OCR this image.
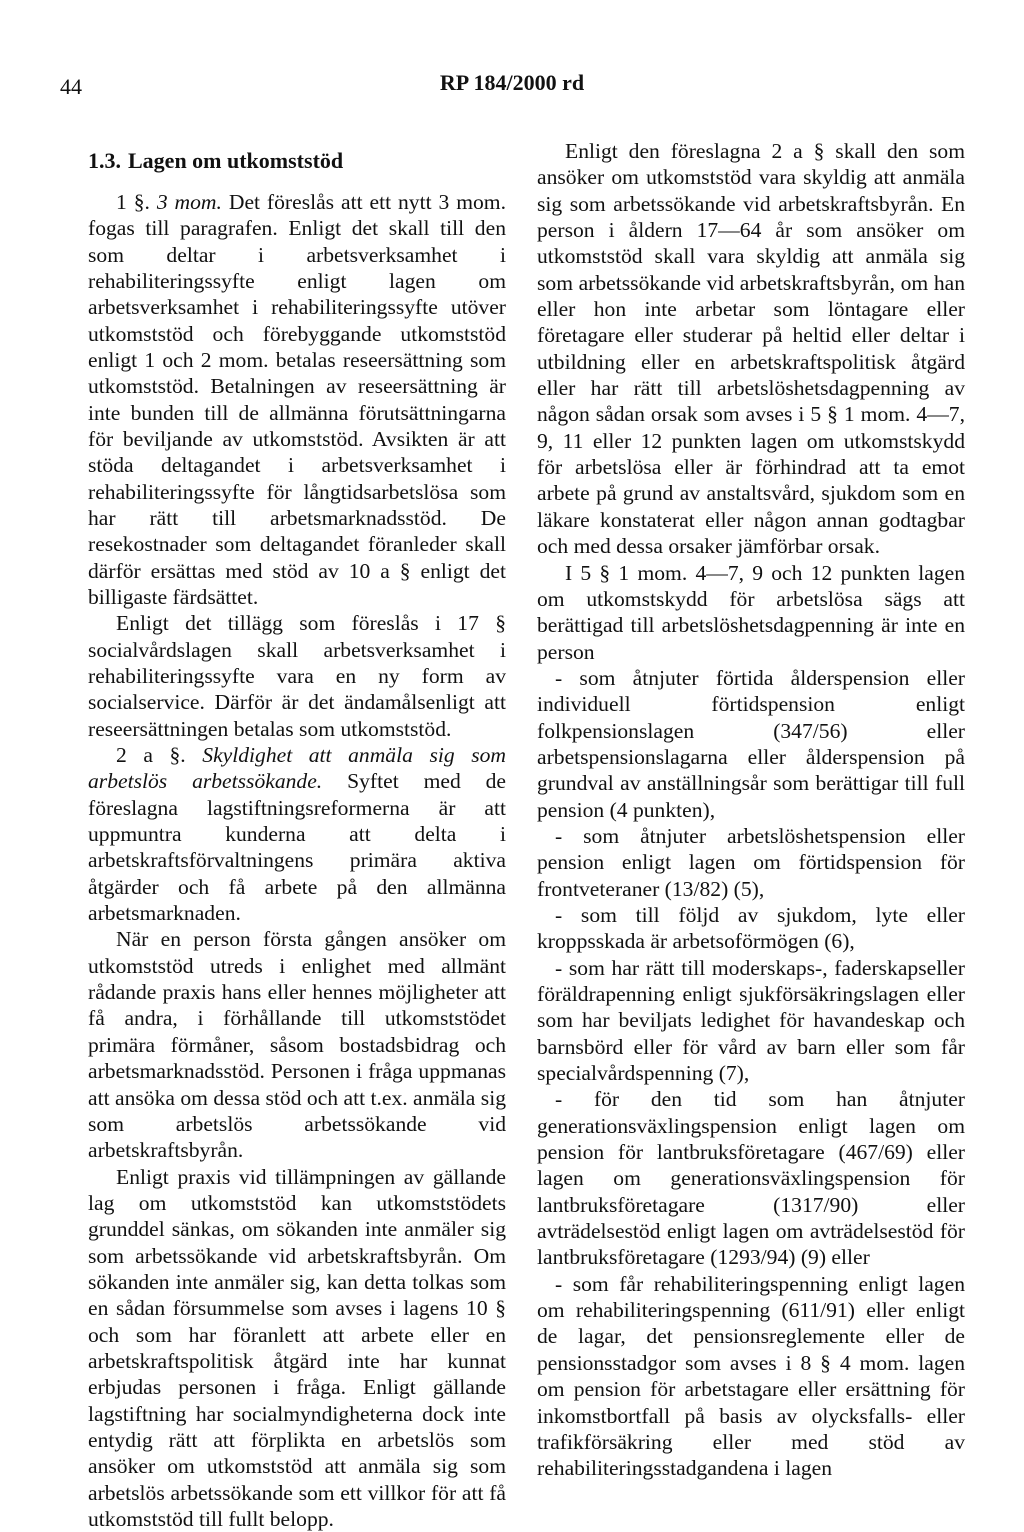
44	RP 184/2000 rd

1.3. Lagen om utkomststöd

1 §. 3 mom. Det föreslås att ett nytt 3 mom. fogas till paragrafen. Enligt det skall till den som deltar i arbetsverksamhet i rehabiliteringssyfte enligt lagen om arbetsverksamhet i rehabiliteringssyfte utöver utkomststöd och förebyggande utkomststöd enligt 1 och 2 mom. betalas reseersättning som utkomststöd. Betalningen av reseersättning är inte bunden till de allmänna förutsättningarna för beviljande av utkomststöd. Avsikten är att stöda deltagandet i arbetsverksamhet i rehabiliteringssyfte för långtidsarbetslösa som har rätt till arbetsmarknadsstöd. De resekostnader som deltagandet föranleder skall därför ersättas med stöd av 10 a § enligt det billigaste färdsättet.

Enligt det tillägg som föreslås i 17 § socialvårdslagen skall arbetsverksamhet i rehabiliteringssyfte vara en ny form av socialservice. Därför är det ändamålsenligt att reseersättningen betalas som utkomststöd.

2 a §. Skyldighet att anmäla sig som arbetslös arbetssökande. Syftet med de föreslagna lagstiftningsreformerna är att uppmuntra kunderna att delta i arbetskraftsförvaltningens primära aktiva åtgärder och få arbete på den allmänna arbetsmarknaden.

När en person första gången ansöker om utkomststöd utreds i enlighet med allmänt rådande praxis hans eller hennes möjligheter att få andra, i förhållande till utkomststödet primära förmåner, såsom bostadsbidrag och arbetsmarknadsstöd. Personen i fråga uppmanas att ansöka om dessa stöd och att t.ex. anmäla sig som arbetslös arbetssökande vid arbetskraftsbyrån.

Enligt praxis vid tillämpningen av gällande lag om utkomststöd kan utkomststödets grunddel sänkas, om sökanden inte anmäler sig som arbetssökande vid arbetskraftsbyrån. Om sökanden inte anmäler sig, kan detta tolkas som en sådan försummelse som avses i lagens 10 § och som har föranlett att arbete eller en arbetskraftspolitisk åtgärd inte har kunnat erbjudas personen i fråga. Enligt gällande lagstiftning har socialmyndigheterna dock inte entydig rätt att förplikta en arbetslös som ansöker om utkomststöd att anmäla sig som arbetslös arbetssökande som ett villkor för att få utkomststöd till fullt belopp.

Enligt den föreslagna 2 a § skall den som ansöker om utkomststöd vara skyldig att anmäla sig som arbetssökande vid arbetskraftsbyrån. En person i åldern 17—64 år som ansöker om utkomststöd skall vara skyldig att anmäla sig som arbetssökande vid arbetskraftsbyrån, om han eller hon inte arbetar som löntagare eller företagare eller studerar på heltid eller deltar i utbildning eller en arbetskraftspolitisk åtgärd eller har rätt till arbetslöshetsdagpenning av någon sådan orsak som avses i 5 § 1 mom. 4—7, 9, 11 eller 12 punkten lagen om utkomstskydd för arbetslösa eller är förhindrad att ta emot arbete på grund av anstaltsvård, sjukdom som en läkare konstaterat eller någon annan godtagbar och med dessa orsaker jämförbar orsak.

I 5 § 1 mom. 4—7, 9 och 12 punkten lagen om utkomstskydd för arbetslösa sägs att berättigad till arbetslöshetsdagpenning är inte en person

- som åtnjuter förtida ålderspension eller individuell förtidspension enligt folkpensionslagen (347/56) eller arbetspensionslagarna eller ålderspension på grundval av anställningsår som berättigar till full pension (4 punkten),

- som åtnjuter arbetslöshetspension eller pension enligt lagen om förtidspension för frontveteraner (13/82) (5),

- som till följd av sjukdom, lyte eller kroppsskada är arbetsoförmögen (6),

- som har rätt till moderskaps-, faderskapseller föräldrapenning enligt sjukförsäkringslagen eller som har beviljats ledighet för havandeskap och barnsbörd eller för vård av barn eller som får specialvårdspenning (7),

- för den tid som han åtnjuter generationsväxlingspension enligt lagen om pension för lantbruksföretagare (467/69) eller lagen om generationsväxlingspension för lantbruksföretagare (1317/90) eller avträdelsestöd enligt lagen om avträdelsestöd för lantbruksföretagare (1293/94) (9) eller

- som får rehabiliteringspenning enligt lagen om rehabiliteringspenning (611/91) eller enligt de lagar, det pensionsreglemente eller de pensionsstadgor som avses i 8 § 4 mom. lagen om pension för arbetstagare eller ersättning för inkomstbortfall på basis av olycksfalls- eller trafikförsäkring eller med stöd av rehabiliteringsstadgandena i lagen
